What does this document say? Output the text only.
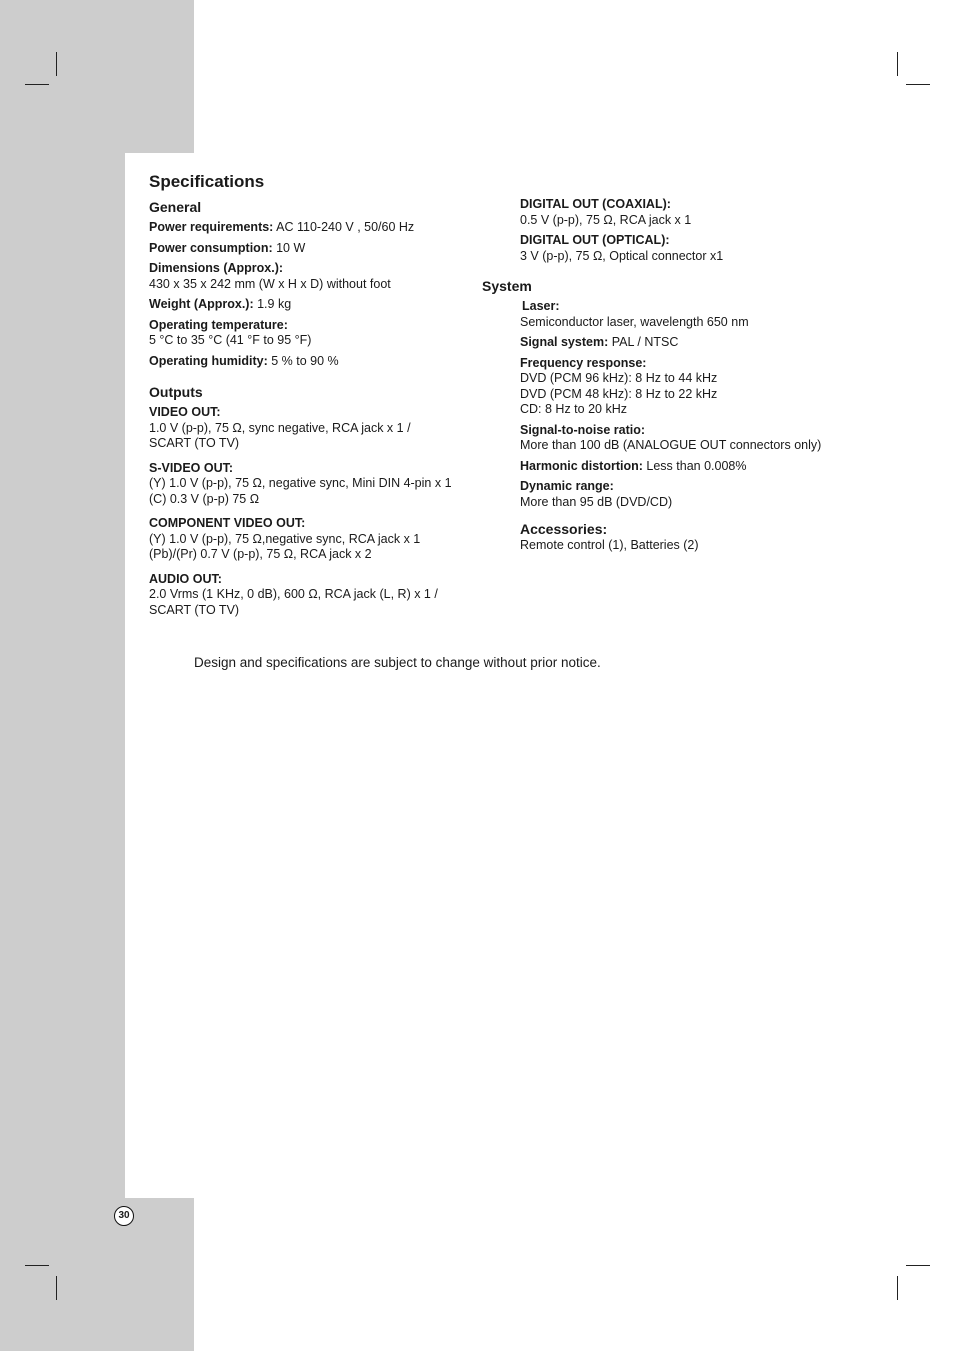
Specifications
General
Power requirements: AC 110-240 V , 50/60 Hz
Power consumption: 10 W
Dimensions (Approx.):
430 x 35 x 242 mm (W x H x D) without foot
Weight (Approx.): 1.9 kg
Operating temperature:
5 °C to 35 °C (41 °F to 95 °F)
Operating humidity: 5 % to 90 %
Outputs
VIDEO OUT:
1.0 V (p-p), 75 Ω, sync negative, RCA jack x 1 /
SCART (TO TV)
S-VIDEO OUT:
(Y) 1.0 V (p-p), 75 Ω, negative sync, Mini DIN 4-pin x 1
(C) 0.3 V (p-p) 75 Ω
COMPONENT VIDEO OUT:
(Y) 1.0 V (p-p), 75 Ω,negative sync, RCA jack x 1
(Pb)/(Pr) 0.7 V (p-p), 75 Ω, RCA jack x 2
AUDIO OUT:
2.0 Vrms (1 KHz, 0 dB), 600 Ω, RCA jack (L, R) x 1 /
SCART (TO TV)
DIGITAL OUT (COAXIAL):
0.5 V (p-p), 75 Ω, RCA jack x 1
DIGITAL OUT (OPTICAL):
3 V (p-p), 75 Ω, Optical connector x1
System
Laser:
Semiconductor laser, wavelength 650 nm
Signal system: PAL / NTSC
Frequency response:
DVD (PCM 96 kHz): 8 Hz to 44 kHz
DVD (PCM 48 kHz): 8 Hz to 22 kHz
CD: 8 Hz to 20 kHz
Signal-to-noise ratio:
More than 100 dB (ANALOGUE OUT connectors only)
Harmonic distortion: Less than 0.008%
Dynamic range:
More than 95 dB (DVD/CD)
Accessories:
Remote control (1), Batteries (2)
Design and specifications are subject to change without prior notice.
30
